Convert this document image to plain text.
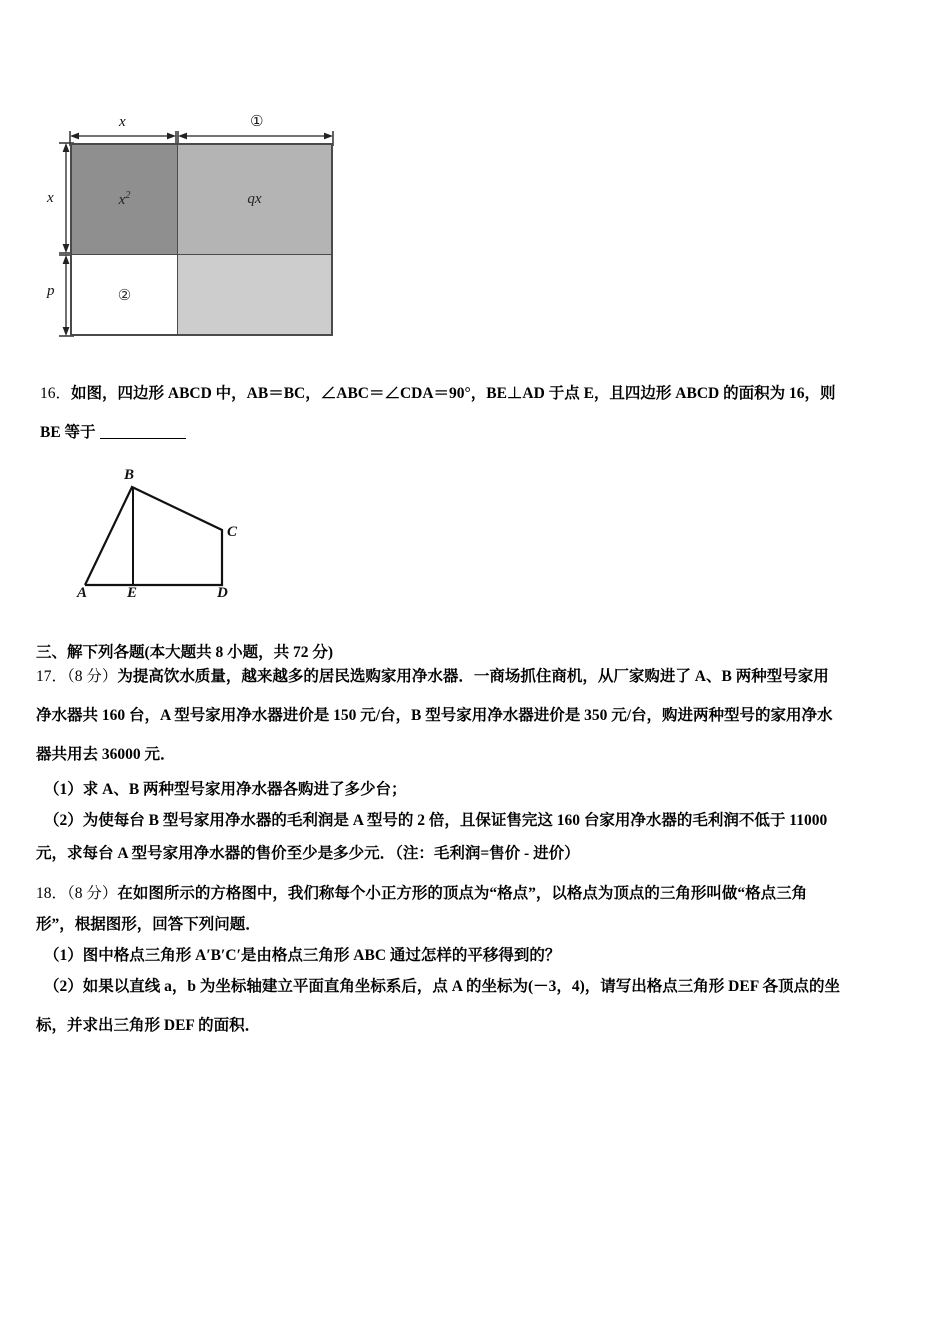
$x^2$	qx
②
x	①
x
p
16．如图，四边形 ABCD 中，AB＝BC，∠ABC＝∠CDA＝90°，BE⊥AD 于点 E，且四边形 ABCD 的面积为 16，则
BE 等于
A
B
C
D
E
三、解下列各题(本大题共 8 小题，共 72 分)
17．（8 分）为提高饮水质量，越来越多的居民选购家用净水器．一商场抓住商机，从厂家购进了 A、B 两种型号家用
净水器共 160 台，A 型号家用净水器进价是 150 元/台，B 型号家用净水器进价是 350 元/台，购进两种型号的家用净水
器共用去 36000 元．
（1）求 A、B 两种型号家用净水器各购进了多少台；
（2）为使每台 B 型号家用净水器的毛利润是 A 型号的 2 倍，且保证售完这 160 台家用净水器的毛利润不低于 11000
元，求每台 A 型号家用净水器的售价至少是多少元．（注：毛利润=售价 - 进价）
18．（8 分）在如图所示的方格图中，我们称每个小正方形的顶点为“格点”，以格点为顶点的三角形叫做“格点三角
形”，根据图形，回答下列问题．
（1）图中格点三角形 A′B′C′是由格点三角形 ABC 通过怎样的平移得到的？
（2）如果以直线 a，b 为坐标轴建立平面直角坐标系后，点 A 的坐标为(－3，4)，请写出格点三角形 DEF 各顶点的坐
标，并求出三角形 DEF 的面积．
